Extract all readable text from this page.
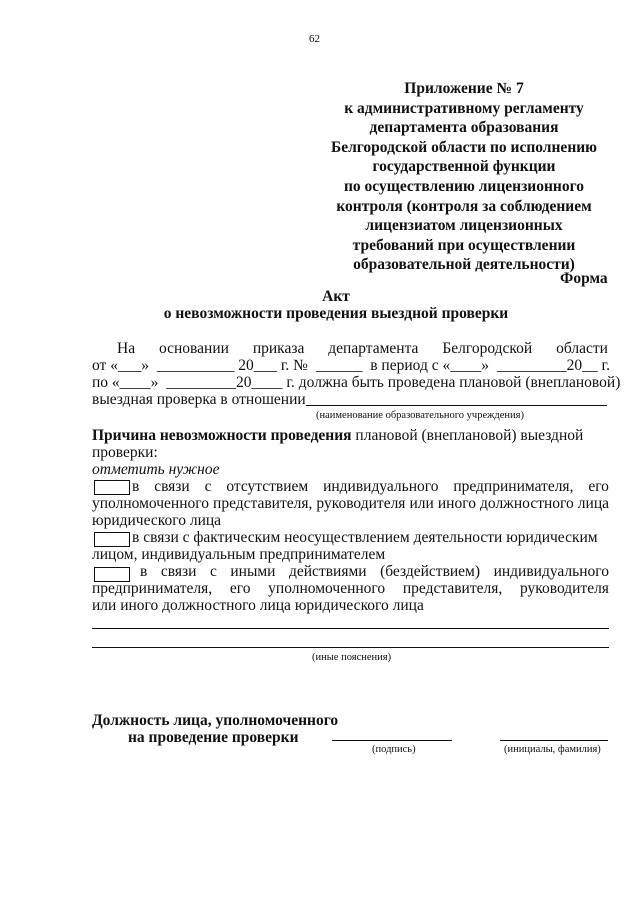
62
Приложение № 7
к административному регламенту
департамента образования
Белгородской области по исполнению
государственной функции
по осуществлению лицензионного
контроля (контроля за соблюдением
лицензиатом лицензионных
требований при осуществлении
образовательной деятельности)
Форма
Акт
о невозможности проведения выездной проверки
На основании приказа департамента Белгородской области
от «___» __________ 20___ г. № ______ в период с «____» _________20__ г.
по «____» _________20____ г. должна быть проведена плановой (внеплановой)
выездная проверка в отношении
(наименование образовательного учреждения)
Причина невозможности проведения плановой (внеплановой) выездной
проверки:
отметить нужное
в связи с отсутствием индивидуального предпринимателя, его
уполномоченного представителя, руководителя или иного должностного лица
юридического лица
в связи с фактическим неосуществлением деятельности юридическим
лицом, индивидуальным предпринимателем
в связи с иными действиями (бездействием) индивидуального
предпринимателя, его уполномоченного представителя, руководителя
или иного должностного лица юридического лица
(иные пояснения)
Должность лица, уполномоченного
на проведение проверки
(подпись)	(инициалы, фамилия)
